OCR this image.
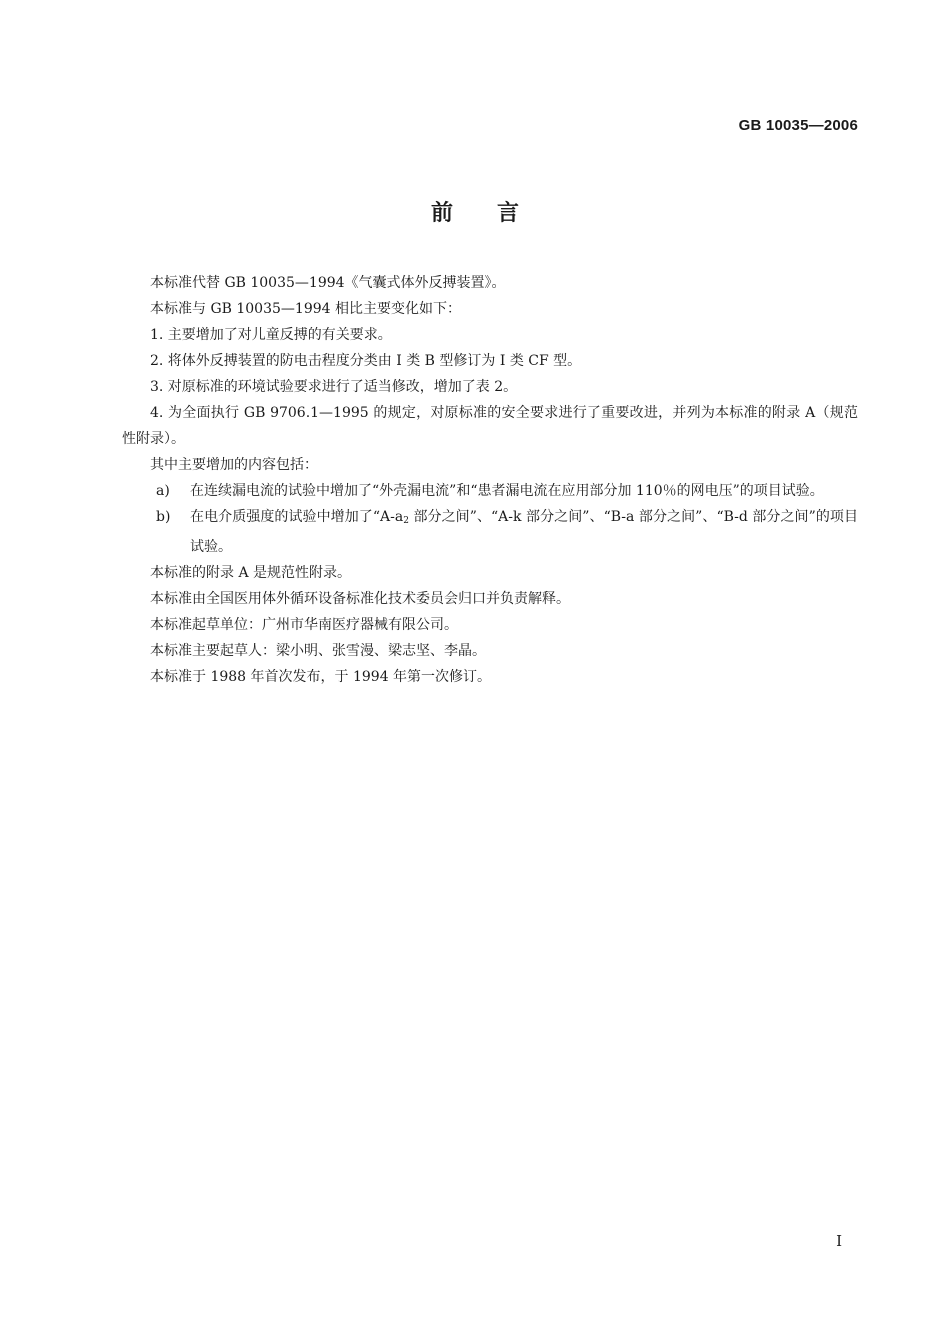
GB 10035—2006
前言

本标准代替 GB 10035—1994《气囊式体外反搏装置》。

本标准与 GB 10035—1994 相比主要变化如下：

1. 主要增加了对儿童反搏的有关要求。

2. 将体外反搏装置的防电击程度分类由 Ⅰ 类 B 型修订为 Ⅰ 类 CF 型。

3. 对原标准的环境试验要求进行了适当修改，增加了表 2。

4. 为全面执行 GB 9706.1—1995 的规定，对原标准的安全要求进行了重要改进，并列为本标准的附录 A（规范性附录）。

其中主要增加的内容包括：

a)	在连续漏电流的试验中增加了“外壳漏电流”和“患者漏电流在应用部分加 110％的网电压”的项目试验。
b)	在电介质强度的试验中增加了“$A-a_2$ 部分之间”、“A-k 部分之间”、“B-a 部分之间”、“B-d 部分之间”的项目试验。

本标准的附录 A 是规范性附录。

本标准由全国医用体外循环设备标准化技术委员会归口并负责解释。

本标准起草单位：广州市华南医疗器械有限公司。

本标准主要起草人：梁小明、张雪漫、梁志坚、李晶。

本标准于 1988 年首次发布，于 1994 年第一次修订。

I
